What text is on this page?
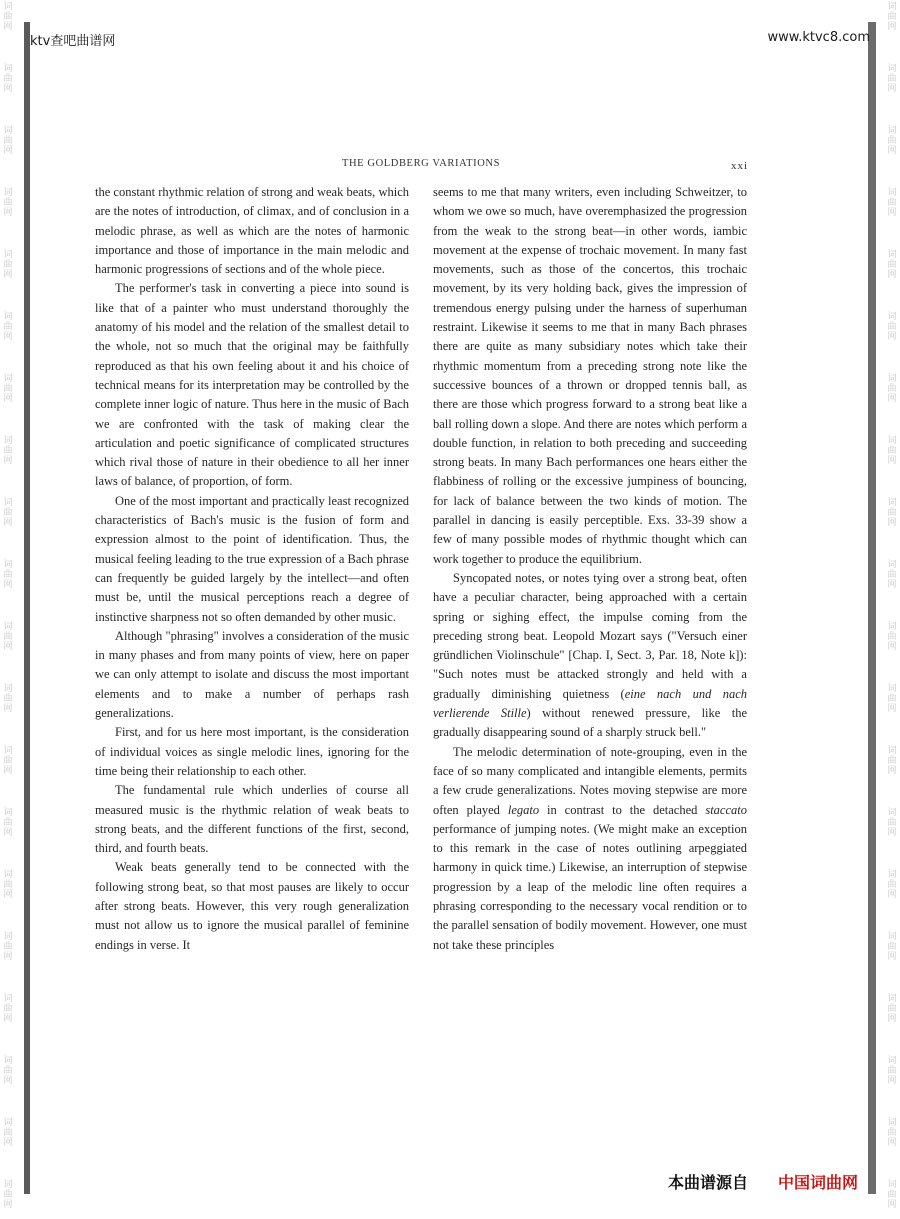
词
曲
网
词
曲
网
词
曲
网
词
曲
网
词
曲
网
词
曲
网
词
曲
网
词
曲
网
词
曲
网
词
曲
网
词
曲
网
词
曲
网
词
曲
网
词
曲
网
词
曲
网
词
曲
网
词
曲
网
词
曲
网
词
曲
网
词
曲
网
词
曲
网
词
曲
网
词
曲
网
词
曲
网
词
曲
网
词
曲
网
词
曲
网
词
曲
网
词
曲
网
词
曲
网
词
曲
网
词
曲
网
词
曲
网
词
曲
网
词
曲
网
词
曲
网
词
曲
网
词
曲
网
词
曲
网
词
曲
网
ktv查吧曲谱网	www.ktvc8.com
THE GOLDBERG VARIATIONS	xxi

the constant rhythmic relation of strong and weak beats, which are the notes of introduction, of climax, and of conclusion in a melodic phrase, as well as which are the notes of harmonic importance and those of importance in the main melodic and harmonic progressions of sections and of the whole piece.

The performer's task in converting a piece into sound is like that of a painter who must understand thoroughly the anatomy of his model and the relation of the smallest detail to the whole, not so much that the original may be faithfully reproduced as that his own feeling about it and his choice of technical means for its interpretation may be controlled by the complete inner logic of nature. Thus here in the music of Bach we are confronted with the task of making clear the articulation and poetic significance of complicated structures which rival those of nature in their obedience to all her inner laws of balance, of proportion, of form.

One of the most important and practically least recognized characteristics of Bach's music is the fusion of form and expression almost to the point of identification. Thus, the musical feeling leading to the true expression of a Bach phrase can frequently be guided largely by the intellect—and often must be, until the musical perceptions reach a degree of instinctive sharpness not so often demanded by other music.

Although "phrasing" involves a consideration of the music in many phases and from many points of view, here on paper we can only attempt to isolate and discuss the most important elements and to make a number of perhaps rash generalizations.

First, and for us here most important, is the consideration of individual voices as single melodic lines, ignoring for the time being their relationship to each other.

The fundamental rule which underlies of course all measured music is the rhythmic relation of weak beats to strong beats, and the different functions of the first, second, third, and fourth beats.

Weak beats generally tend to be connected with the following strong beat, so that most pauses are likely to occur after strong beats. However, this very rough generalization must not allow us to ignore the musical parallel of feminine endings in verse. It

seems to me that many writers, even including Schweitzer, to whom we owe so much, have overemphasized the progression from the weak to the strong beat—in other words, iambic movement at the expense of trochaic movement. In many fast movements, such as those of the concertos, this trochaic movement, by its very holding back, gives the impression of tremendous energy pulsing under the harness of superhuman restraint. Likewise it seems to me that in many Bach phrases there are quite as many subsidiary notes which take their rhythmic momentum from a preceding strong note like the successive bounces of a thrown or dropped tennis ball, as there are those which progress forward to a strong beat like a ball rolling down a slope. And there are notes which perform a double function, in relation to both preceding and succeeding strong beats. In many Bach performances one hears either the flabbiness of rolling or the excessive jumpiness of bouncing, for lack of balance between the two kinds of motion. The parallel in dancing is easily perceptible. Exs. 33-39 show a few of many possible modes of rhythmic thought which can work together to produce the equilibrium.

Syncopated notes, or notes tying over a strong beat, often have a peculiar character, being approached with a certain spring or sighing effect, the impulse coming from the preceding strong beat. Leopold Mozart says ("Versuch einer gründlichen Violinschule" [Chap. I, Sect. 3, Par. 18, Note k]): "Such notes must be attacked strongly and held with a gradually diminishing quietness (eine nach und nach verlierende Stille) without renewed pressure, like the gradually disappearing sound of a sharply struck bell."

The melodic determination of note-grouping, even in the face of so many complicated and intangible elements, permits a few crude generalizations. Notes moving stepwise are more often played legato in contrast to the detached staccato performance of jumping notes. (We might make an exception to this remark in the case of notes outlining arpeggiated harmony in quick time.) Likewise, an interruption of stepwise progression by a leap of the melodic line often requires a phrasing corresponding to the necessary vocal rendition or to the parallel sensation of bodily movement. However, one must not take these principles

本曲谱源自 中国词曲网
